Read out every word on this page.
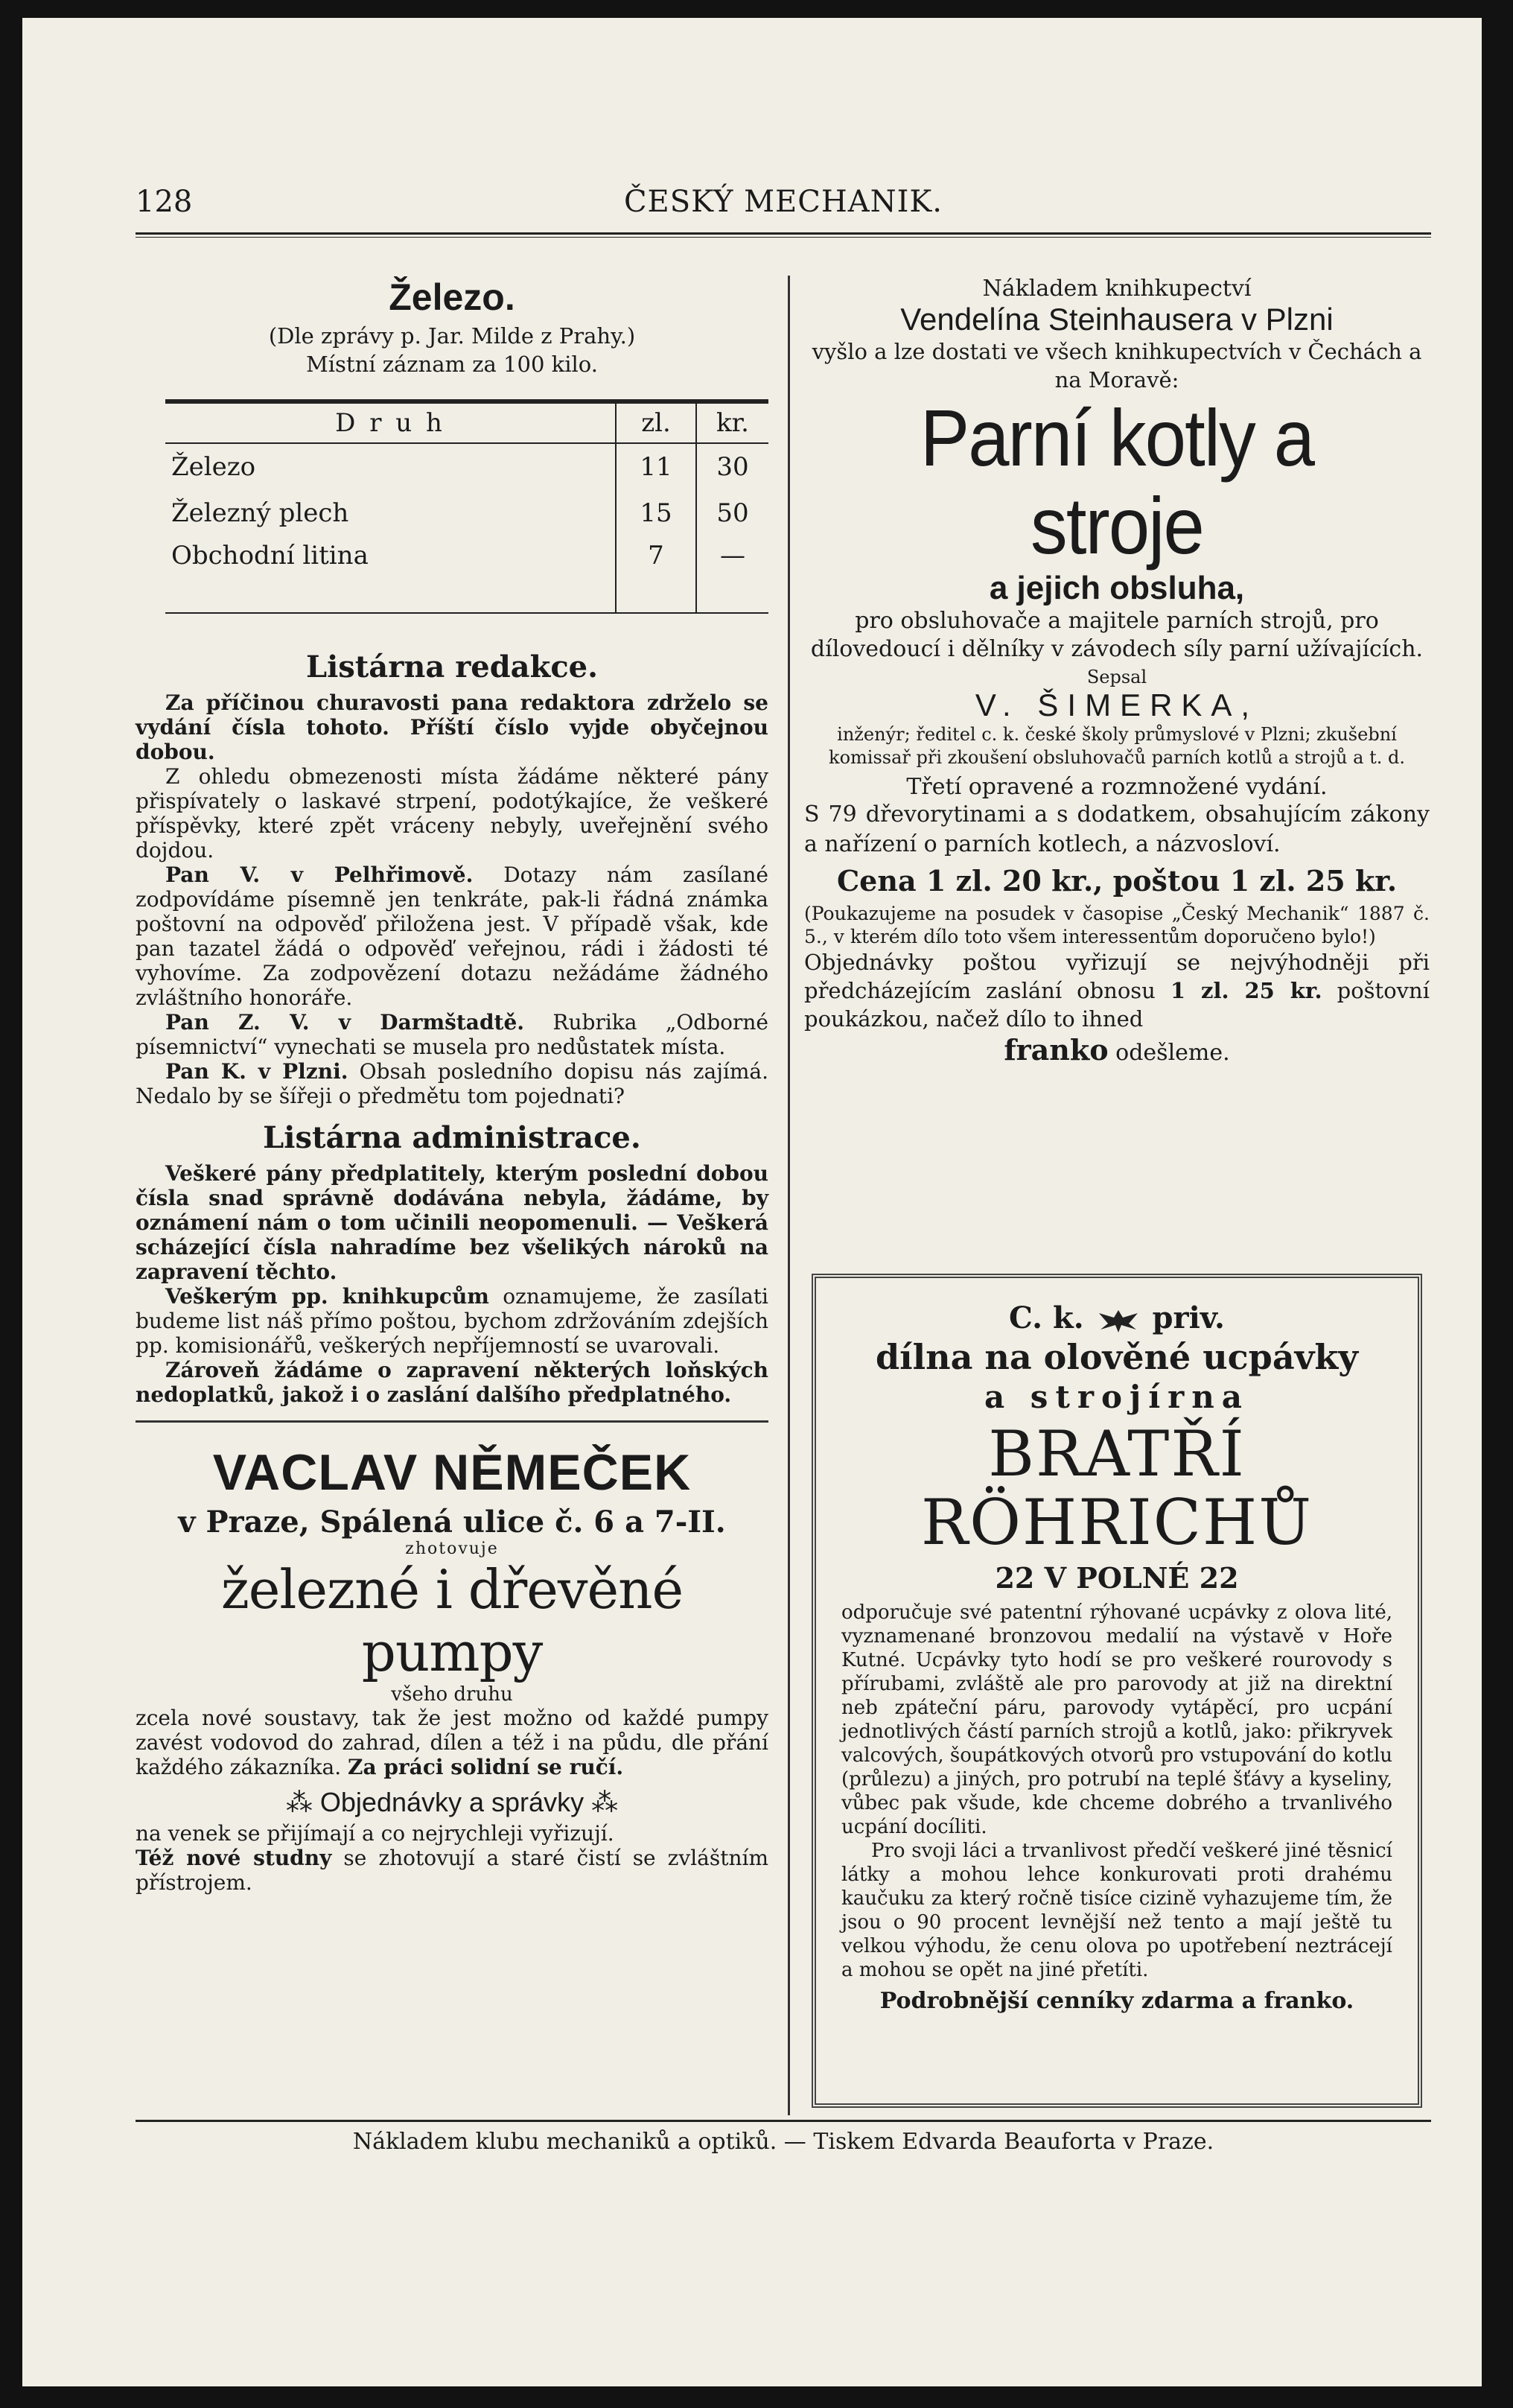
128	ČESKÝ MECHANIK.
Železo.

(Dle zprávy p. Jar. Milde z Prahy.)

Místní záznam za 100 kilo.

D r u h	zl.	kr.
Železo	11	30
Železný plech	15	50
Obchodní litina	7	—
Listárna redakce.

Za příčinou churavosti pana redaktora zdrželo se vydání čísla tohoto. Příští číslo vyjde obyčejnou dobou.

Z ohledu obmezenosti místa žádáme některé pány přispívately o laskavé strpení, podotýkajíce, že veškeré příspěvky, které zpět vráceny nebyly, uveřejnění svého dojdou.

Pan V. v Pelhřimově. Dotazy nám zasílané zodpovídáme písemně jen tenkráte, pak-li řádná známka poštovní na odpověď přiložena jest. V případě však, kde pan tazatel žádá o odpověď veřejnou, rádi i žádosti té vyhovíme. Za zodpovězení dotazu nežádáme žádného zvláštního honoráře.

Pan Z. V. v Darmštadtě. Rubrika „Odborné písemnictví“ vynechati se musela pro nedůstatek místa.

Pan K. v Plzni. Obsah posledního dopisu nás zajímá. Nedalo by se šířeji o předmětu tom pojednati?

Listárna administrace.

Veškeré pány předplatitely, kterým poslední dobou čísla snad správně dodávána nebyla, žádáme, by oznámení nám o tom učinili neopomenuli. — Veškerá scházející čísla nahradíme bez všelikých nároků na zapravení těchto.

Veškerým pp. knihkupcům oznamujeme, že zasílati budeme list náš přímo poštou, bychom zdržováním zdejších pp. komisionářů, veškerých nepříjemností se uvarovali.

Zároveň žádáme o zapravení některých loňských nedoplatků, jakož i o zaslání dalšího předplatného.

VACLAV NĚMEČEK

v Praze, Spálená ulice č. 6 a 7-II.

zhotovuje

železné i dřevěné pumpy

všeho druhu

zcela nové soustavy, tak že jest možno od každé pumpy zavést vodovod do zahrad, dílen a též i na půdu, dle přání každého zákazníka. Za práci solidní se ručí.

⁂ Objednávky a správky ⁂

na venek se přijímají a co nejrychleji vyřizují.

Též nové studny se zhotovují a staré čistí se zvláštním přístrojem.

Nákladem knihkupectví

Vendelína Steinhausera v Plzni

vyšlo a lze dostati ve všech knihkupectvích v Čechách a na Moravě:

Parní kotly a stroje

a jejich obsluha,

pro obsluhovače a majitele parních strojů, pro dílovedoucí i dělníky v závodech síly parní užívajících.

Sepsal

V. ŠIMERKA,

inženýr; ředitel c. k. české školy průmyslové v Plzni; zkušební komissař při zkoušení obsluhovačů parních kotlů a strojů a t. d.

Třetí opravené a rozmnožené vydání.

S 79 dřevorytinami a s dodatkem, obsahujícím zákony a nařízení o parních kotlech, a názvosloví.

Cena 1 zl. 20 kr., poštou 1 zl. 25 kr.

(Poukazujeme na posudek v časopise „Český Mechanik“ 1887 č. 5., v kterém dílo toto všem interessentům doporučeno bylo!)

Objednávky poštou vyřizují se nejvýhodněji při předcházejícím zaslání obnosu 1 zl. 25 kr. poštovní poukázkou, načež dílo to ihned

franko odešleme.

C. k. priv.

dílna na olověné ucpávky

a strojírna

BRATŘÍ RÖHRICHŮ

22 V POLNÉ 22

odporučuje své patentní rýhované ucpávky z olova lité, vyznamenané bronzovou medalií na výstavě v Hoře Kutné. Ucpávky tyto hodí se pro veškeré rourovody s přírubami, zvláště ale pro parovody at již na direktní neb zpáteční páru, parovody vytápěcí, pro ucpání jednotlivých částí parních strojů a kotlů, jako: přikryvek valcových, šoupátkových otvorů pro vstupování do kotlu (průlezu) a jiných, pro potrubí na teplé šťávy a kyseliny, vůbec pak všude, kde chceme dobrého a trvanlivého ucpání docíliti.

Pro svoji láci a trvanlivost předčí veškeré jiné těsnicí látky a mohou lehce konkurovati proti drahému kaučuku za který ročně tisíce cizině vyhazujeme tím, že jsou o 90 procent levnější než tento a mají ještě tu velkou výhodu, že cenu olova po upotřebení neztrácejí a mohou se opět na jiné přetíti.

Podrobnější cenníky zdarma a franko.

Nákladem klubu mechaniků a optiků. — Tiskem Edvarda Beauforta v Praze.
